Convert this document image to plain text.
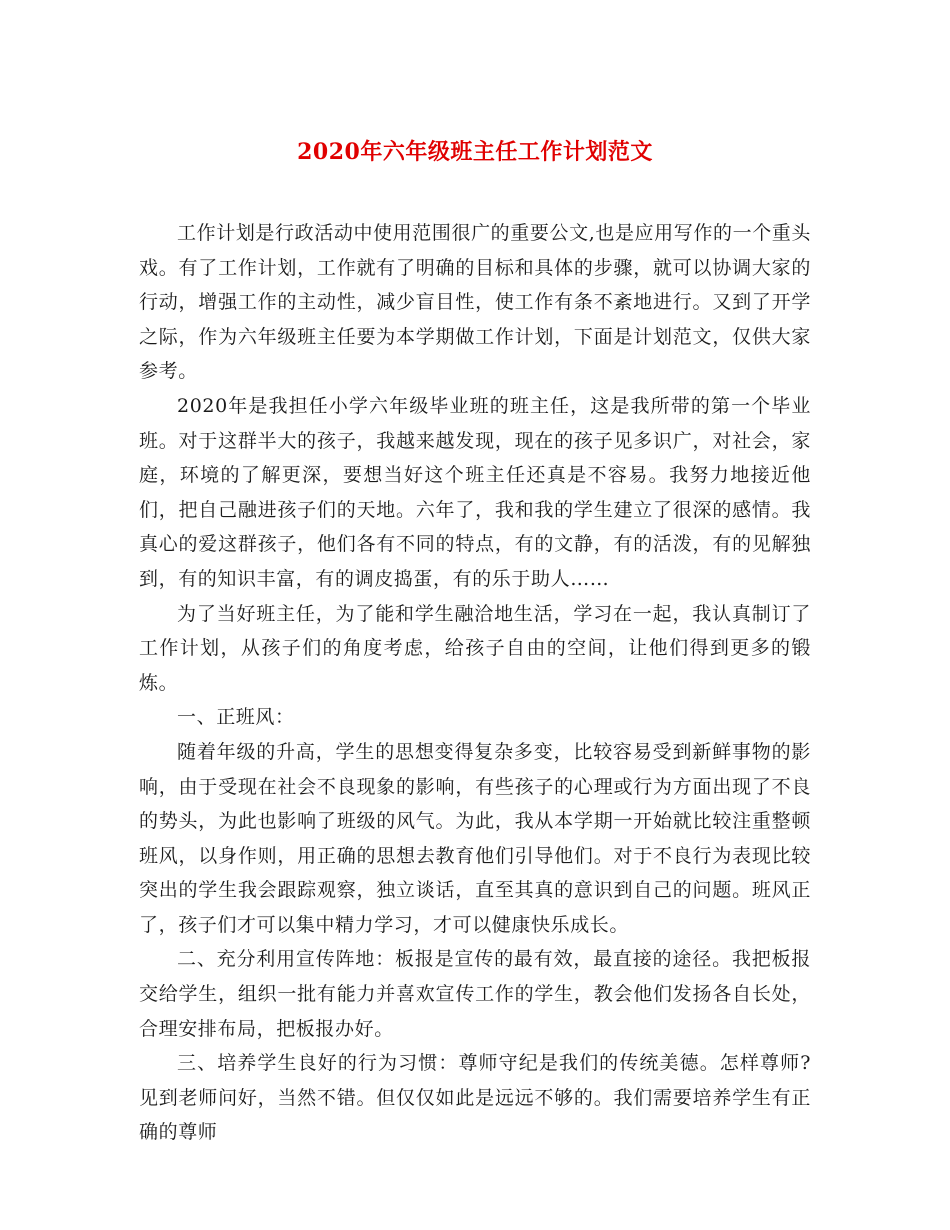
2020年六年级班主任工作计划范文

工作计划是行政活动中使用范围很广的重要公文,也是应用写作的一个重头戏。有了工作计划，工作就有了明确的目标和具体的步骤，就可以协调大家的行动，增强工作的主动性，减少盲目性，使工作有条不紊地进行。又到了开学之际，作为六年级班主任要为本学期做工作计划，下面是计划范文，仅供大家参考。

2020年是我担任小学六年级毕业班的班主任，这是我所带的第一个毕业班。对于这群半大的孩子，我越来越发现，现在的孩子见多识广，对社会，家庭，环境的了解更深，要想当好这个班主任还真是不容易。我努力地接近他们，把自己融进孩子们的天地。六年了，我和我的学生建立了很深的感情。我真心的爱这群孩子，他们各有不同的特点，有的文静，有的活泼，有的见解独到，有的知识丰富，有的调皮捣蛋，有的乐于助人……

为了当好班主任，为了能和学生融洽地生活，学习在一起，我认真制订了工作计划，从孩子们的角度考虑，给孩子自由的空间，让他们得到更多的锻炼。

一、正班风：

随着年级的升高，学生的思想变得复杂多变，比较容易受到新鲜事物的影响，由于受现在社会不良现象的影响，有些孩子的心理或行为方面出现了不良的势头，为此也影响了班级的风气。为此，我从本学期一开始就比较注重整顿班风，以身作则，用正确的思想去教育他们引导他们。对于不良行为表现比较突出的学生我会跟踪观察，独立谈话，直至其真的意识到自己的问题。班风正了，孩子们才可以集中精力学习，才可以健康快乐成长。

二、充分利用宣传阵地：板报是宣传的最有效，最直接的途径。我把板报交给学生，组织一批有能力并喜欢宣传工作的学生，教会他们发扬各自长处，合理安排布局，把板报办好。

三、培养学生良好的行为习惯：尊师守纪是我们的传统美德。怎样尊师?见到老师问好，当然不错。但仅仅如此是远远不够的。我们需要培养学生有正确的尊师
